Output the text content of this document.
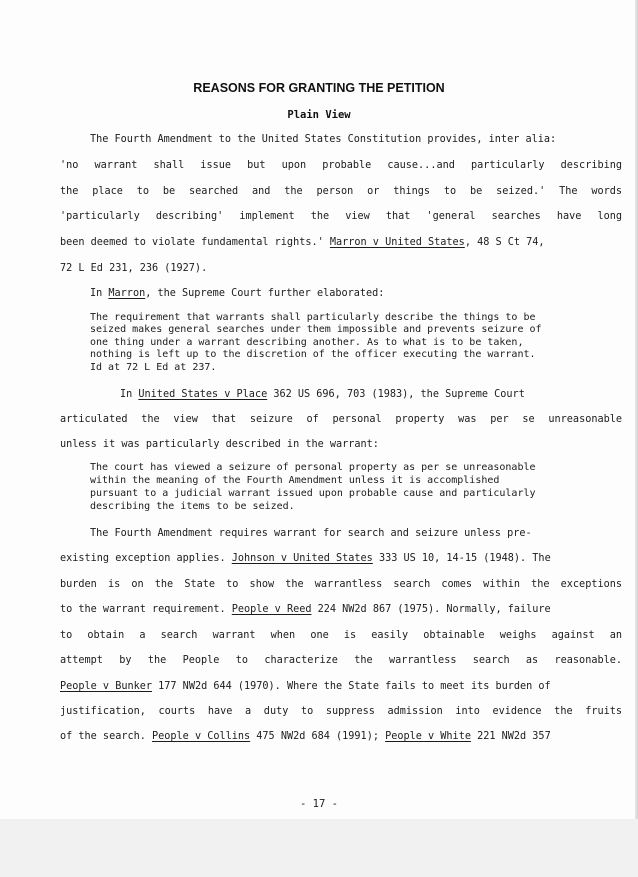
REASONS FOR GRANTING THE PETITION
Plain View

The Fourth Amendment to the United States Constitution provides, inter alia:

'no warrant shall issue but upon probable cause...and particularly describing

the place to be searched and the person or things to be seized.' The words

'particularly describing' implement the view that 'general searches have long

been deemed to violate fundamental rights.' Marron v United States, 48 S Ct 74,

72 L Ed 231, 236 (1927).

In Marron, the Supreme Court further elaborated:

The requirement that warrants shall particularly describe the things to be

seized makes general searches under them impossible and prevents seizure of

one thing under a warrant describing another. As to what is to be taken,

nothing is left up to the discretion of the officer executing the warrant.

Id at 72 L Ed at 237.

In United States v Place 362 US 696, 703 (1983), the Supreme Court

articulated the view that seizure of personal property was per se unreasonable

unless it was particularly described in the warrant:

The court has viewed a seizure of personal property as per se unreasonable

within the meaning of the Fourth Amendment unless it is accomplished

pursuant to a judicial warrant issued upon probable cause and particularly

describing the items to be seized.

The Fourth Amendment requires warrant for search and seizure unless pre-

existing exception applies. Johnson v United States 333 US 10, 14-15 (1948). The

burden is on the State to show the warrantless search comes within the exceptions

to the warrant requirement. People v Reed 224 NW2d 867 (1975). Normally, failure

to obtain a search warrant when one is easily obtainable weighs against an

attempt by the People to characterize the warrantless search as reasonable.

People v Bunker 177 NW2d 644 (1970). Where the State fails to meet its burden of

justification, courts have a duty to suppress admission into evidence the fruits

of the search. People v Collins 475 NW2d 684 (1991); People v White 221 NW2d 357

- 17 -
